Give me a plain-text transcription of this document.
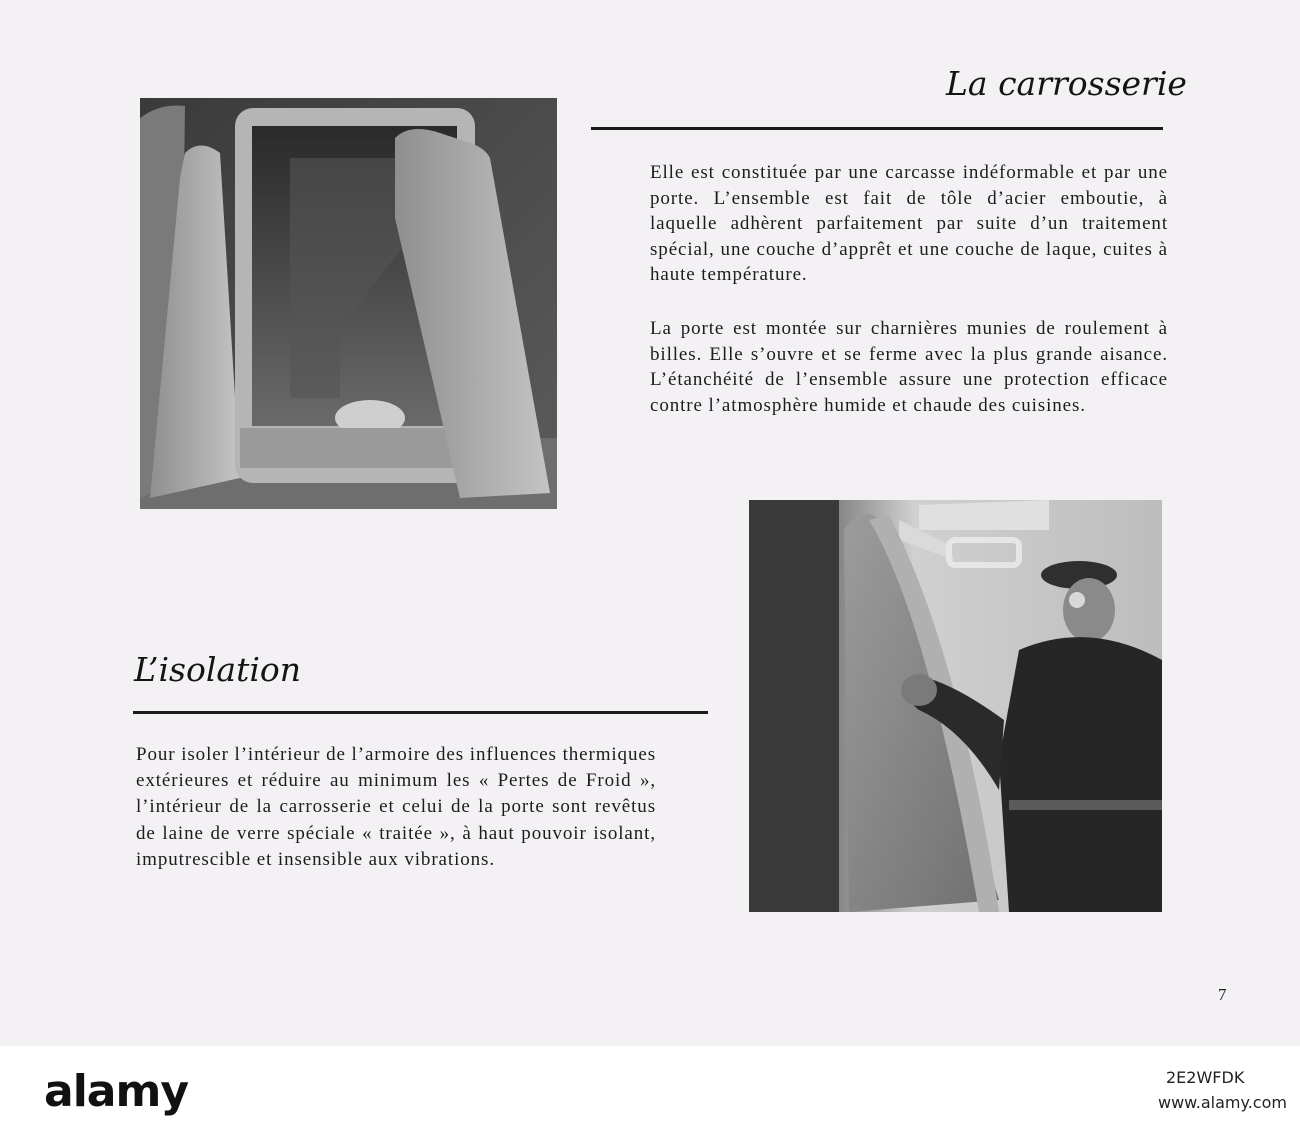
La carrosserie

Elle est constituée par une carcasse indéformable et par une porte. L’ensemble est fait de tôle d’acier emboutie, à laquelle adhèrent parfaitement par suite d’un traitement spécial, une couche d’apprêt et une couche de laque, cuites à haute température.

La porte est montée sur charnières munies de roulement à billes. Elle s’ouvre et se ferme avec la plus grande aisance. L’étanchéité de l’ensemble assure une protection efficace contre l’atmosphère humide et chaude des cuisines.

L’isolation

Pour isoler l’intérieur de l’armoire des influences thermiques extérieures et réduire au minimum les « Pertes de Froid », l’intérieur de la carrosserie et celui de la porte sont revêtus de laine de verre spéciale « traitée », à haut pouvoir isolant, imputrescible et insensible aux vibrations.

7
alamy	2E2WFDK
www.alamy.com
